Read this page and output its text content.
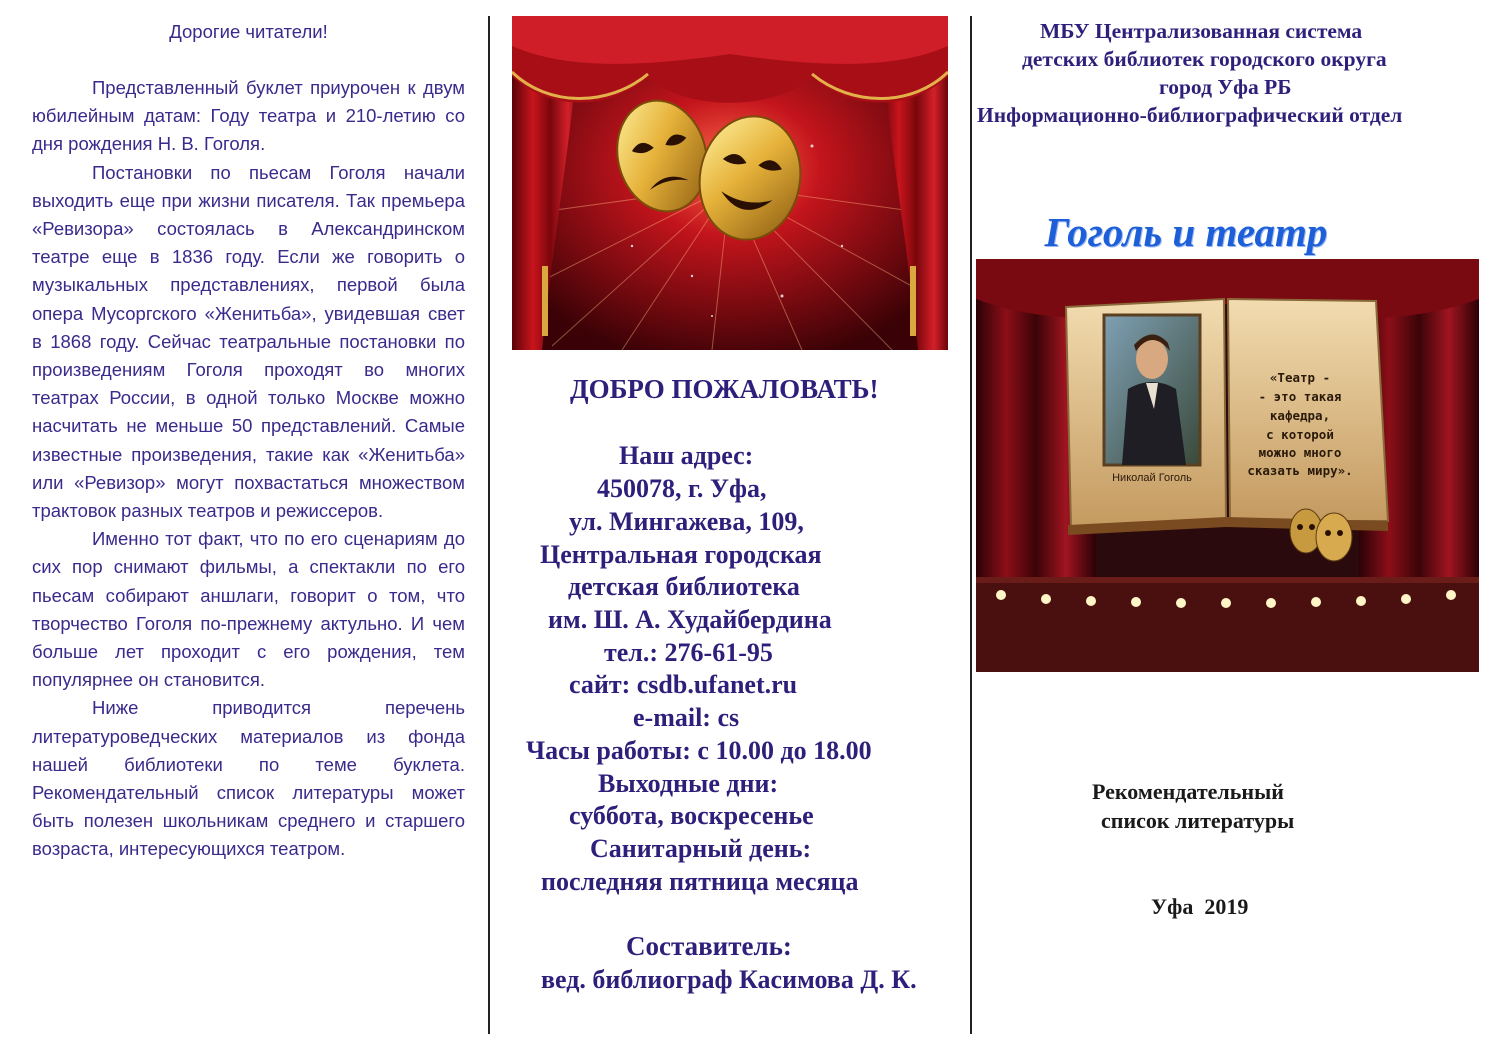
Дорогие читатели!

Представленный буклет приурочен к двум юбилейным датам: Году театра и 210-летию со дня рождения Н. В. Гоголя.

Постановки по пьесам Гоголя начали выходить еще при жизни писателя. Так премьера «Ревизора» состоялась в Александринском театре еще в 1836 году. Если же говорить о музыкальных представлениях, первой была опера Мусоргского «Женитьба», увидевшая свет в 1868 году. Сейчас театральные постановки по произведениям Гоголя проходят во многих театрах России, в одной только Москве можно насчитать не меньше 50 представлений. Самые известные произведения, такие как «Женитьба» или «Ревизор» могут похвастаться множеством трактовок разных театров и режиссеров.

Именно тот факт, что по его сценариям до сих пор снимают фильмы, а спектакли по его пьесам собирают аншлаги, говорит о том, что творчество Гоголя по-прежнему актульно. И чем больше лет проходит с его рождения, тем популярнее он становится.

Ниже приводится перечень литературоведческих материалов из фонда нашей библиотеки по теме буклета. Рекомендательный список литературы может быть полезен школьникам среднего и старшего возраста, интересующихся театром.

ДОБРО ПОЖАЛОВАТЬ!
Наш адрес:
450078, г. Уфа,
ул. Мингажева, 109,
Центральная городская
детская библиотека
им. Ш. А. Худайбердина
тел.: 276-61-95
сайт: csdb.ufanet.ru
e-mail: cs
Часы работы: с 10.00 до 18.00
Выходные дни:
суббота, воскресенье
Санитарный день:
последняя пятница месяца
Составитель:
вед. библиограф Касимова Д. К.
МБУ Централизованная система
детских библиотек городского округа
город Уфа РБ
Информационно-библиографический отдел
Гоголь и театр
Николай Гоголь
«Театр -
- это такая
кафедра,
с которой
можно много
сказать миру».
Рекомендательный
список литературы
Уфа  2019
